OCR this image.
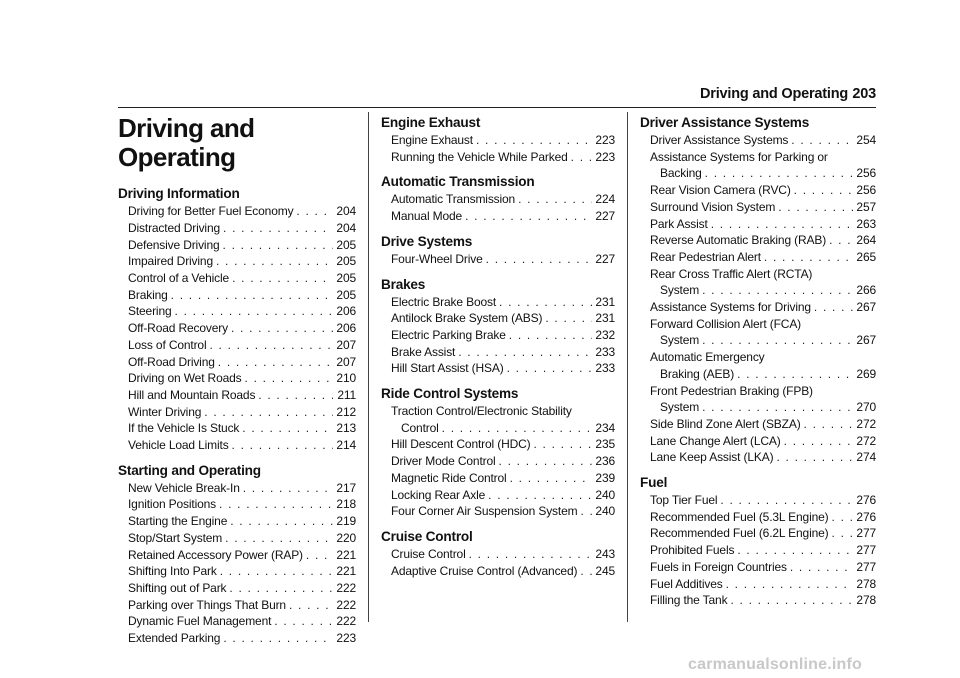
Driving and Operating 203
Driving and Operating
Driving Information
Driving for Better Fuel Economy . . .	204
Distracted Driving . . .	204
Defensive Driving . . .	205
Impaired Driving . . .	205
Control of a Vehicle . . .	205
Braking . . .	205
Steering . . .	206
Off-Road Recovery . . .	206
Loss of Control . . .	207
Off-Road Driving . . .	207
Driving on Wet Roads . . .	210
Hill and Mountain Roads . . .	211
Winter Driving . . .	212
If the Vehicle Is Stuck . . .	213
Vehicle Load Limits . . .	214
Starting and Operating
New Vehicle Break-In . . .	217
Ignition Positions . . .	218
Starting the Engine . . .	219
Stop/Start System . . .	220
Retained Accessory Power (RAP) . . .	221
Shifting Into Park . . .	221
Shifting out of Park . . .	222
Parking over Things That Burn . . .	222
Dynamic Fuel Management . . .	222
Extended Parking . . .	223
Engine Exhaust
Engine Exhaust . . .	223
Running the Vehicle While Parked . . . 223
Automatic Transmission
Automatic Transmission . . .	224
Manual Mode . . .	227
Drive Systems
Four-Wheel Drive . . .	227
Brakes
Electric Brake Boost . . .	231
Antilock Brake System (ABS) . . .	231
Electric Parking Brake . . .	232
Brake Assist . . .	233
Hill Start Assist (HSA) . . .	233
Ride Control Systems
Traction Control/Electronic Stability
Control . . .	234
Hill Descent Control (HDC) . . .	235
Driver Mode Control . . .	236
Magnetic Ride Control . . .	239
Locking Rear Axle . . .	240
Four Corner Air Suspension System . . . 240
Cruise Control
Cruise Control . . .	243
Adaptive Cruise Control (Advanced) . . . 245
Driver Assistance Systems
Driver Assistance Systems . . .	254
Assistance Systems for Parking or
Backing . . .	256
Rear Vision Camera (RVC) . . .	256
Surround Vision System . . .	257
Park Assist . . .	263
Reverse Automatic Braking (RAB) . . .	264
Rear Pedestrian Alert . . .	265
Rear Cross Traffic Alert (RCTA)
System . . .	266
Assistance Systems for Driving . . .	267
Forward Collision Alert (FCA)
System . . .	267
Automatic Emergency
Braking (AEB) . . .	269
Front Pedestrian Braking (FPB)
System . . .	270
Side Blind Zone Alert (SBZA) . . .	272
Lane Change Alert (LCA) . . .	272
Lane Keep Assist (LKA) . . .	274
Fuel
Top Tier Fuel . . .	276
Recommended Fuel (5.3L Engine) . . . 276
Recommended Fuel (6.2L Engine) . . . 277
Prohibited Fuels . . .	277
Fuels in Foreign Countries . . .	277
Fuel Additives . . .	278
Filling the Tank . . .	278
carmanualsonline.info
